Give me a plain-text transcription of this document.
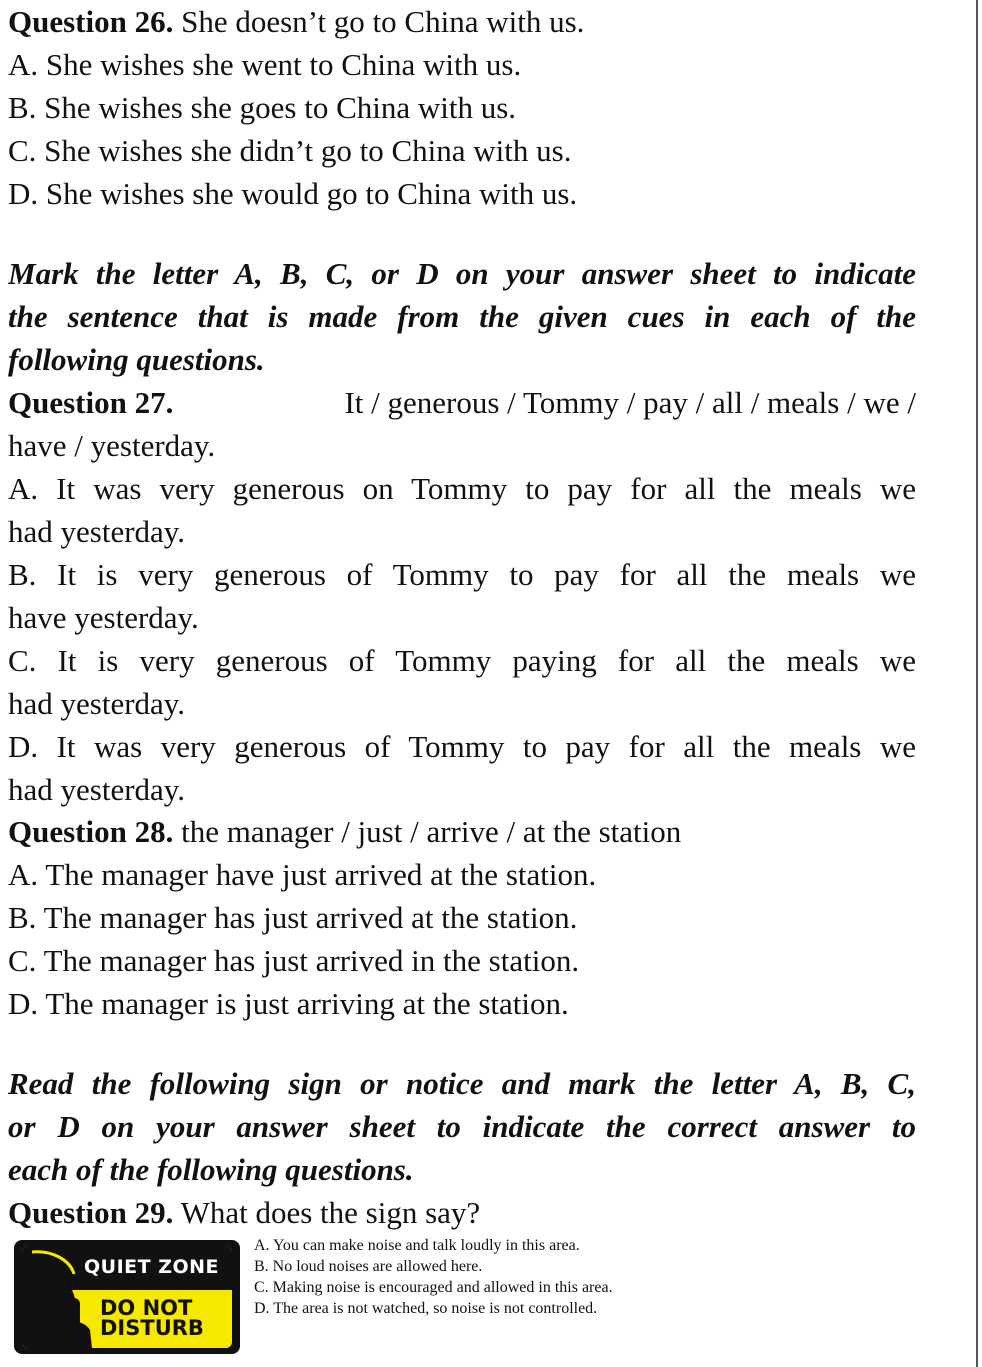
Question 26. She doesn’t go to China with us.
A. She wishes she went to China with us.
B. She wishes she goes to China with us.
C. She wishes she didn’t go to China with us.
D. She wishes she would go to China with us.
Mark the letter A, B, C, or D on your answer sheet to indicate
the sentence that is made from the given cues in each of the
following questions.
Question 27.	It / generous / Tommy / pay / all / meals / we /
have / yesterday.
A. It was very generous on Tommy to pay for all the meals we
had yesterday.
B. It is very generous of Tommy to pay for all the meals we
have yesterday.
C. It is very generous of Tommy paying for all the meals we
had yesterday.
D. It was very generous of Tommy to pay for all the meals we
had yesterday.
Question 28. the manager / just / arrive / at the station
A. The manager have just arrived at the station.
B. The manager has just arrived at the station.
C. The manager has just arrived in the station.
D. The manager is just arriving at the station.
Read the following sign or notice and mark the letter A, B, C,
or D on your answer sheet to indicate the correct answer to
each of the following questions.
Question 29. What does the sign say?
QUIET ZONE
DO NOT
DISTURB
A. You can make noise and talk loudly in this area.
B. No loud noises are allowed here.
C. Making noise is encouraged and allowed in this area.
D. The area is not watched, so noise is not controlled.
